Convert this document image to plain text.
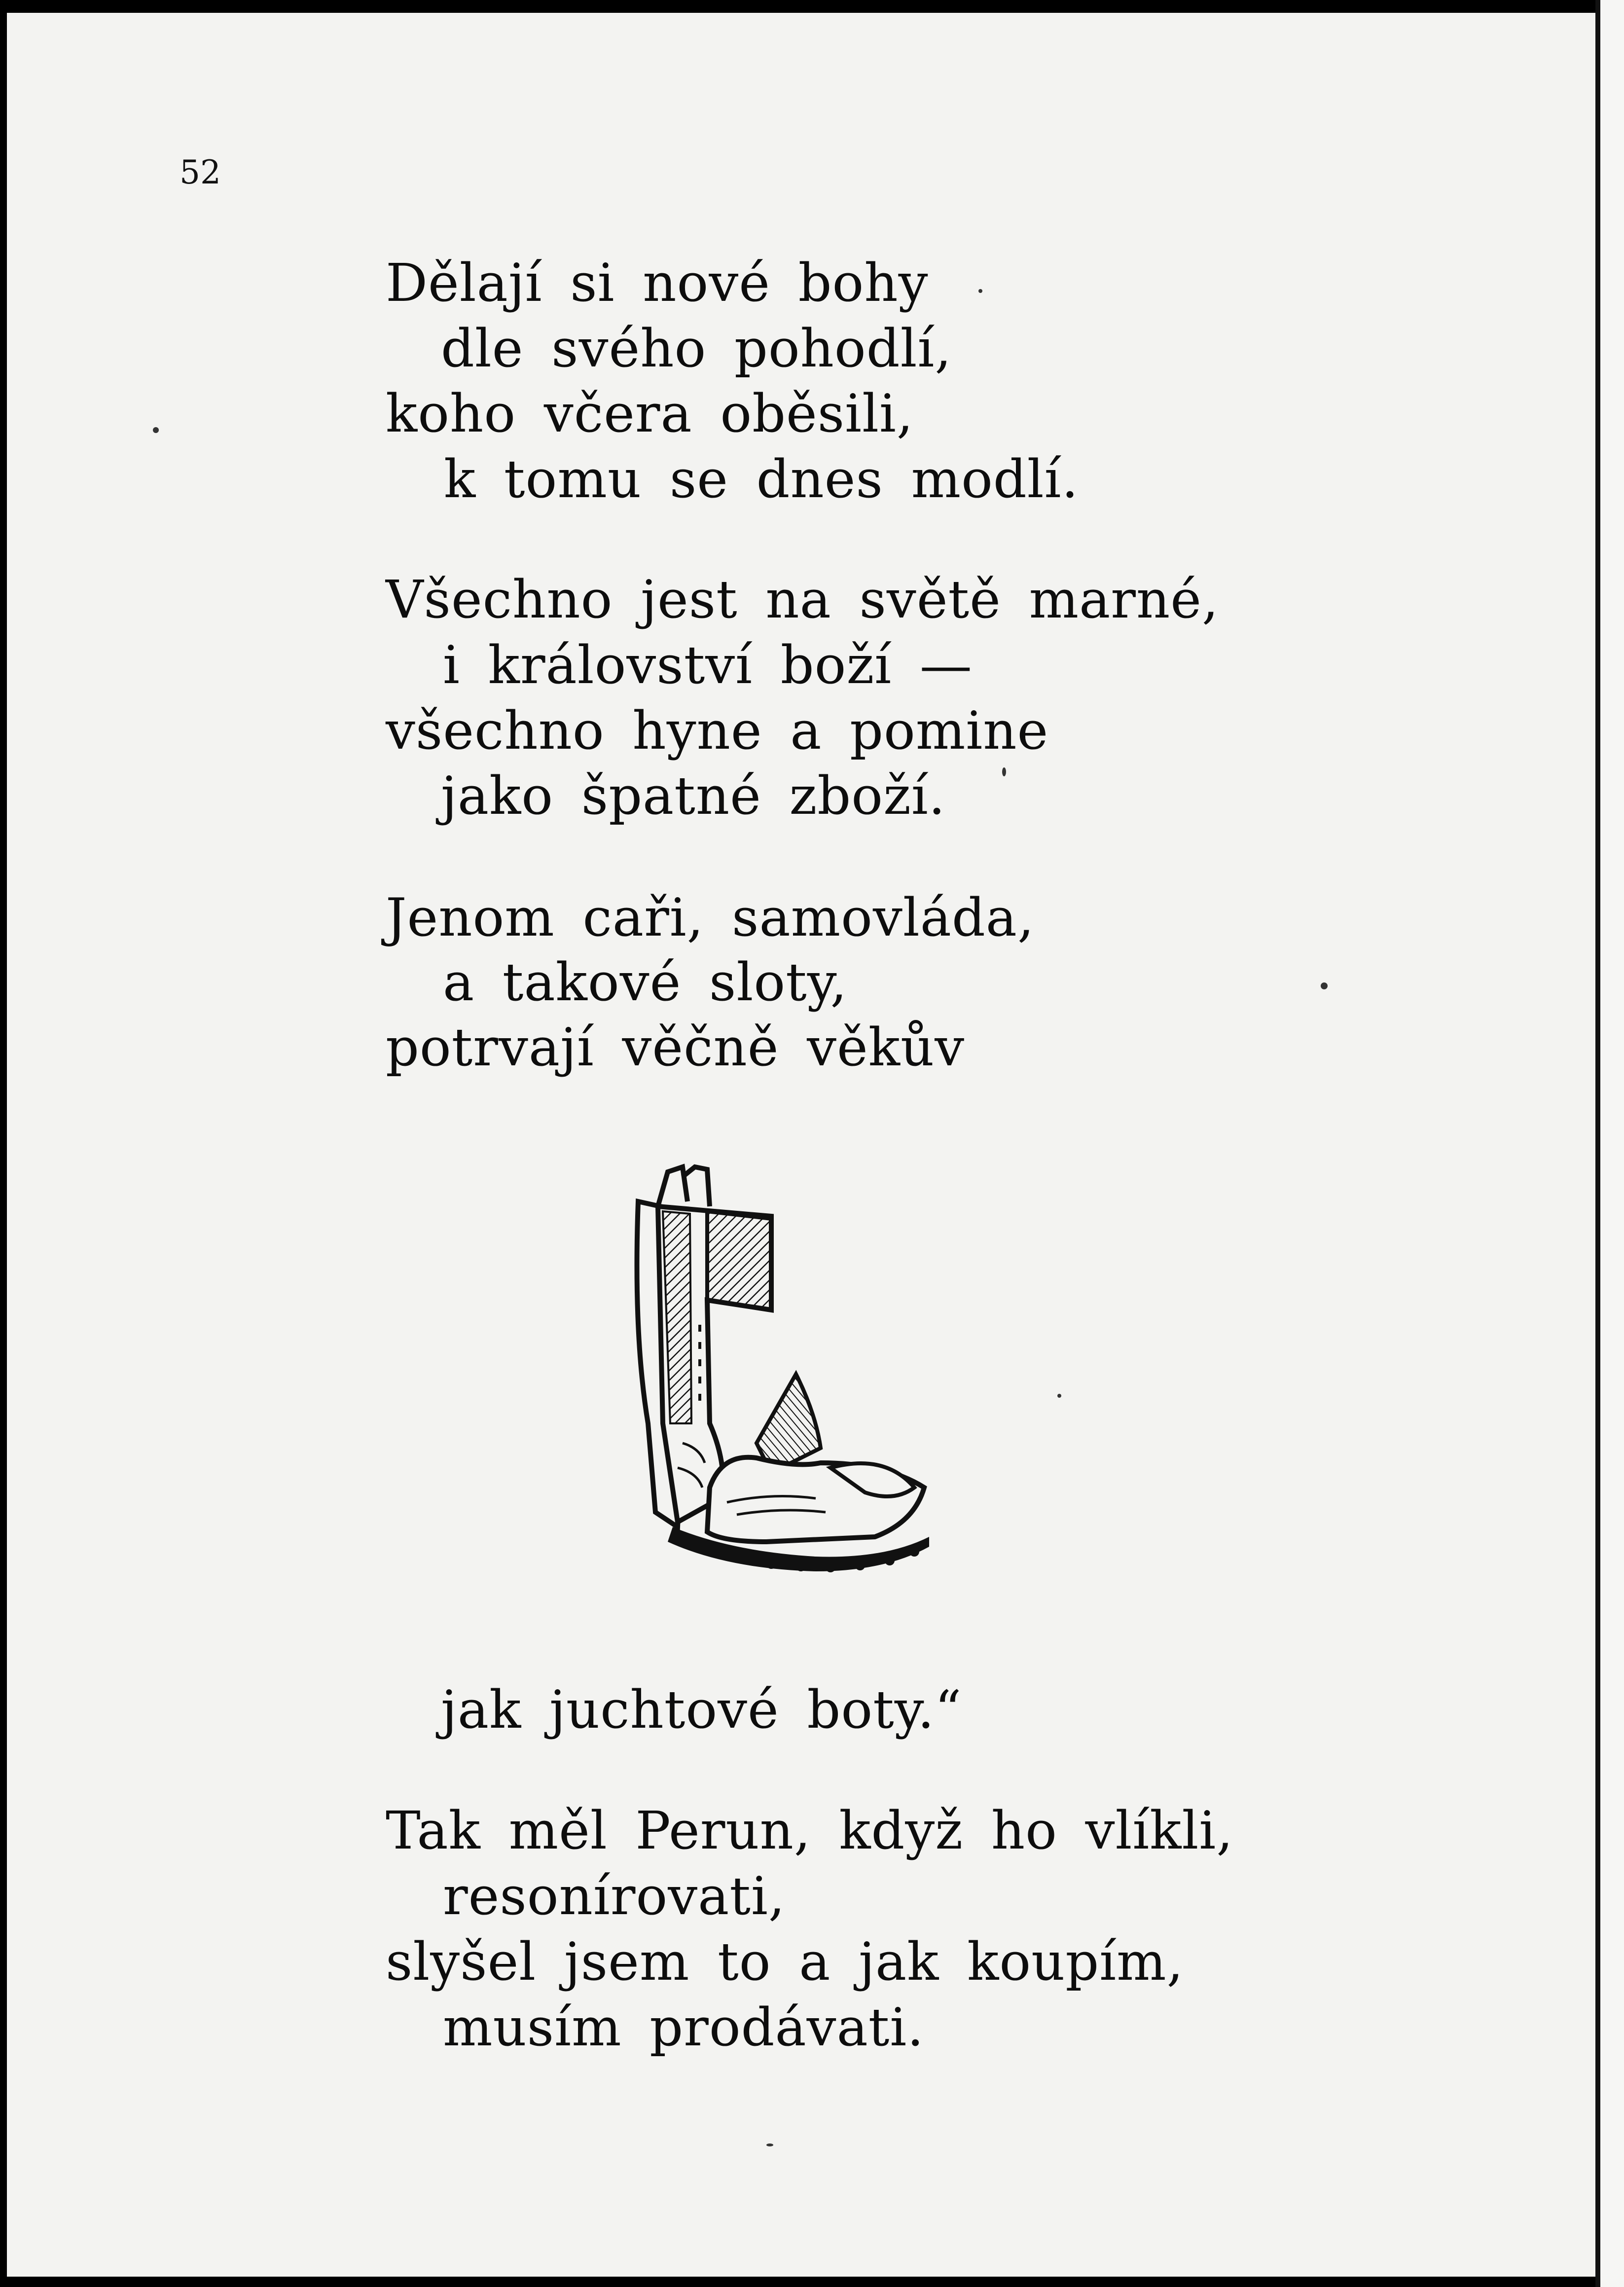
52

Dělají si nové bohy
dle svého pohodlí,
koho včera oběsili,
k tomu se dnes modlí.
Všechno jest na světě marné,
i království boží —
všechno hyne a pomine
jako špatné zboží.
Jenom caři, samovláda,
a takové sloty,
potrvají věčně věkův
jak juchtové boty.“
Tak měl Perun, když ho vlíkli,
resonírovati,
slyšel jsem to a jak koupím,
musím prodávati.
